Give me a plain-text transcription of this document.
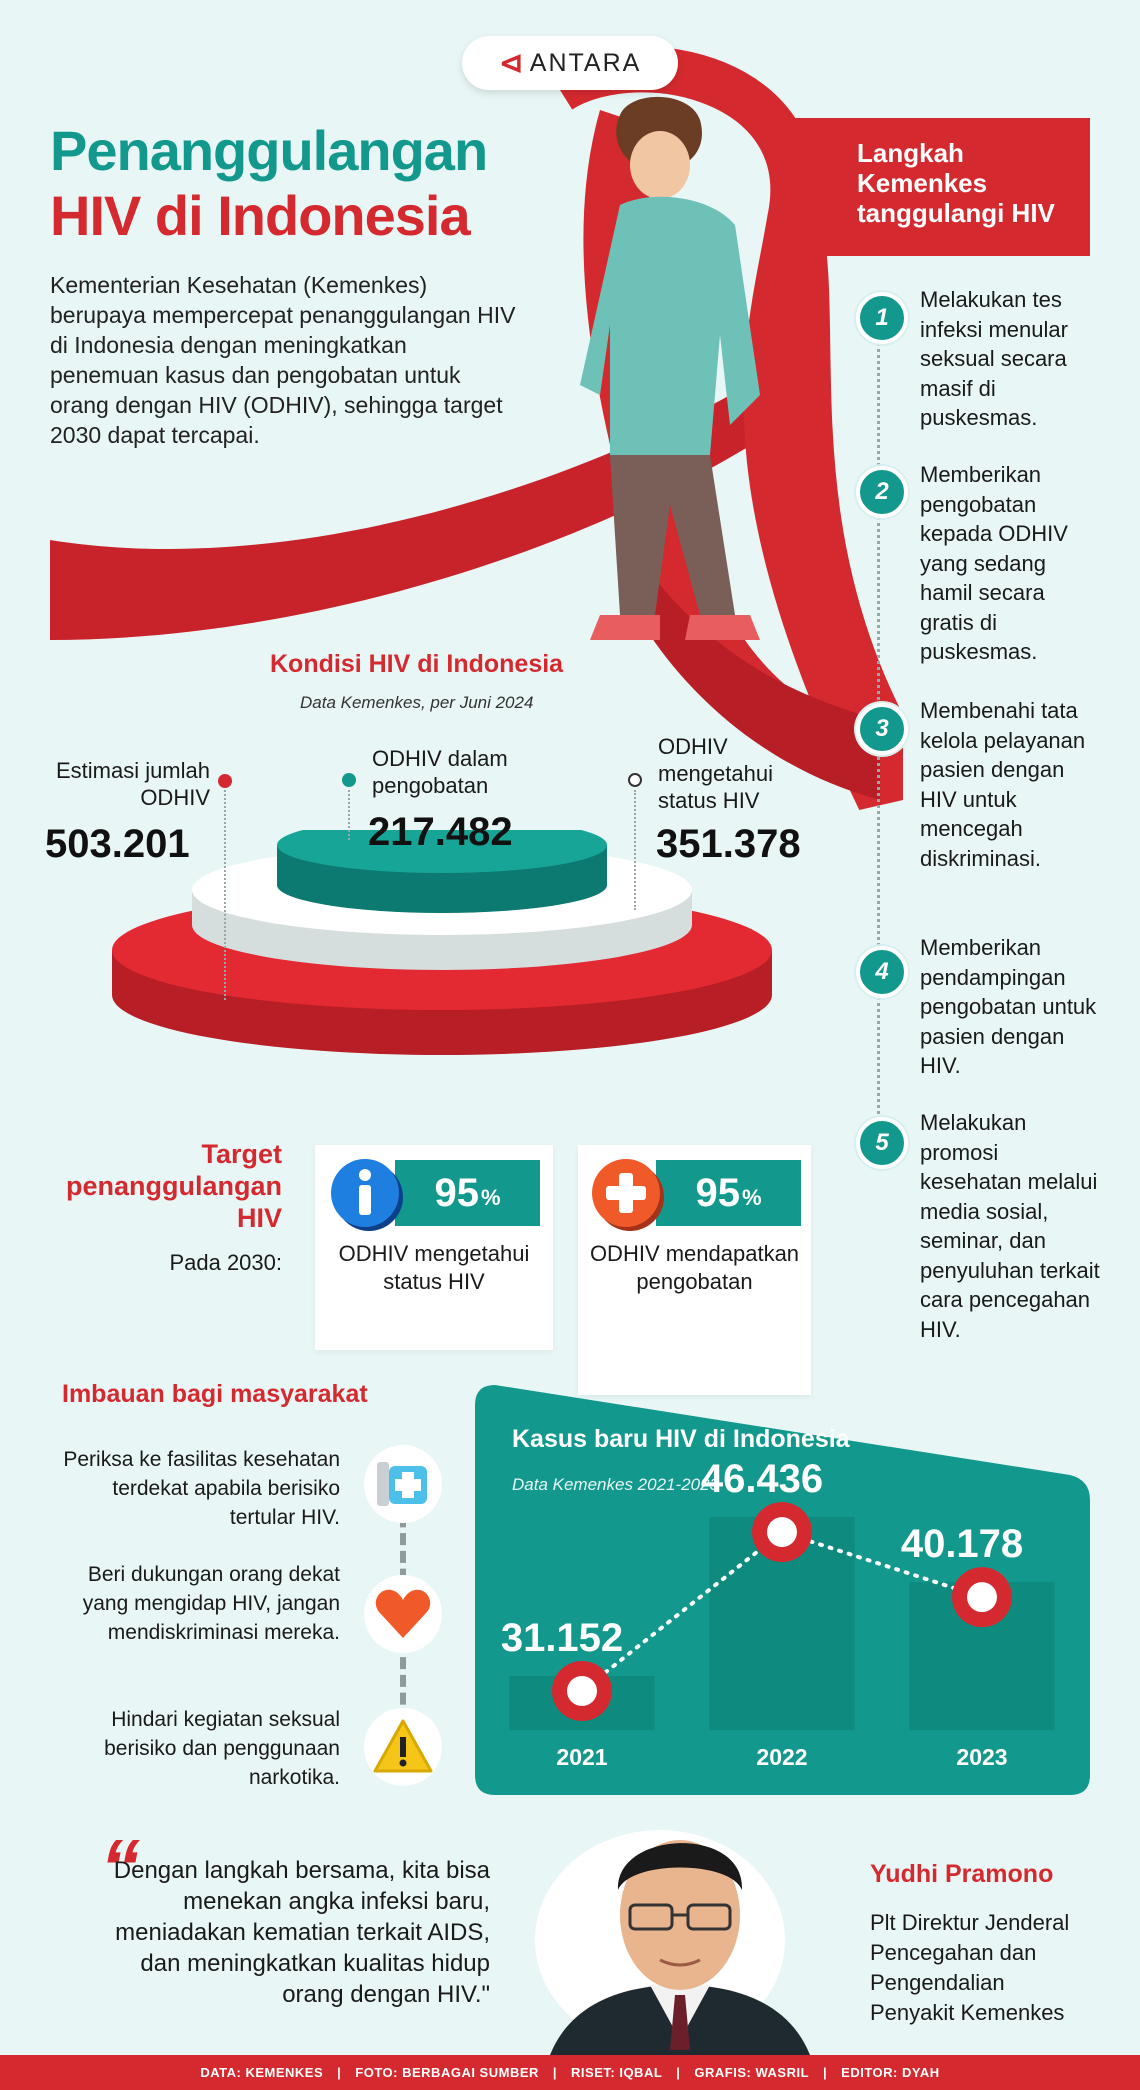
⊲ ANTARA
Penanggulangan
HIV di Indonesia
Kementerian Kesehatan (Kemenkes) berupaya mempercepat penanggulangan HIV di Indonesia dengan meningkatkan penemuan kasus dan pengobatan untuk orang dengan HIV (ODHIV), sehingga target 2030 dapat tercapai.
Langkah Kemenkes tanggulangi HIV
1
Melakukan tes infeksi menular seksual secara masif di puskesmas.
2
Memberikan pengobatan kepada ODHIV yang sedang hamil secara gratis di puskesmas.
3
Membenahi tata kelola pelayanan pasien dengan HIV untuk mencegah diskriminasi.
4
Memberikan pendampingan pengobatan untuk pasien dengan HIV.
5
Melakukan promosi kesehatan melalui media sosial, seminar, dan penyuluhan terkait cara pencegahan HIV.
Kondisi HIV di Indonesia
Data Kemenkes, per Juni 2024
Estimasi jumlah ODHIV
503.201
ODHIV dalam pengobatan
217.482
ODHIV mengetahui status HIV
351.378
Target penanggulangan HIV
Pada 2030:
95 %
ODHIV mengetahui status HIV
95 %
ODHIV mendapatkan pengobatan
Imbauan bagi masyarakat
Periksa ke fasilitas kesehatan terdekat apabila berisiko tertular HIV.
Beri dukungan orang dekat yang mengidap HIV, jangan mendiskriminasi mereka.
Hindari kegiatan seksual berisiko dan penggunaan narkotika.
Kasus baru HIV di Indonesia
Data Kemenkes 2021-2023
31.152
46.436
40.178
2021	2022	2023
“
Dengan langkah bersama, kita bisa menekan angka infeksi baru, meniadakan kematian terkait AIDS, dan meningkatkan kualitas hidup orang dengan HIV."
Yudhi Pramono
Plt Direktur Jenderal Pencegahan dan Pengendalian Penyakit Kemenkes
DATA: KEMENKES | FOTO: BERBAGAI SUMBER | RISET: IQBAL | GRAFIS: WASRIL | EDITOR: DYAH
